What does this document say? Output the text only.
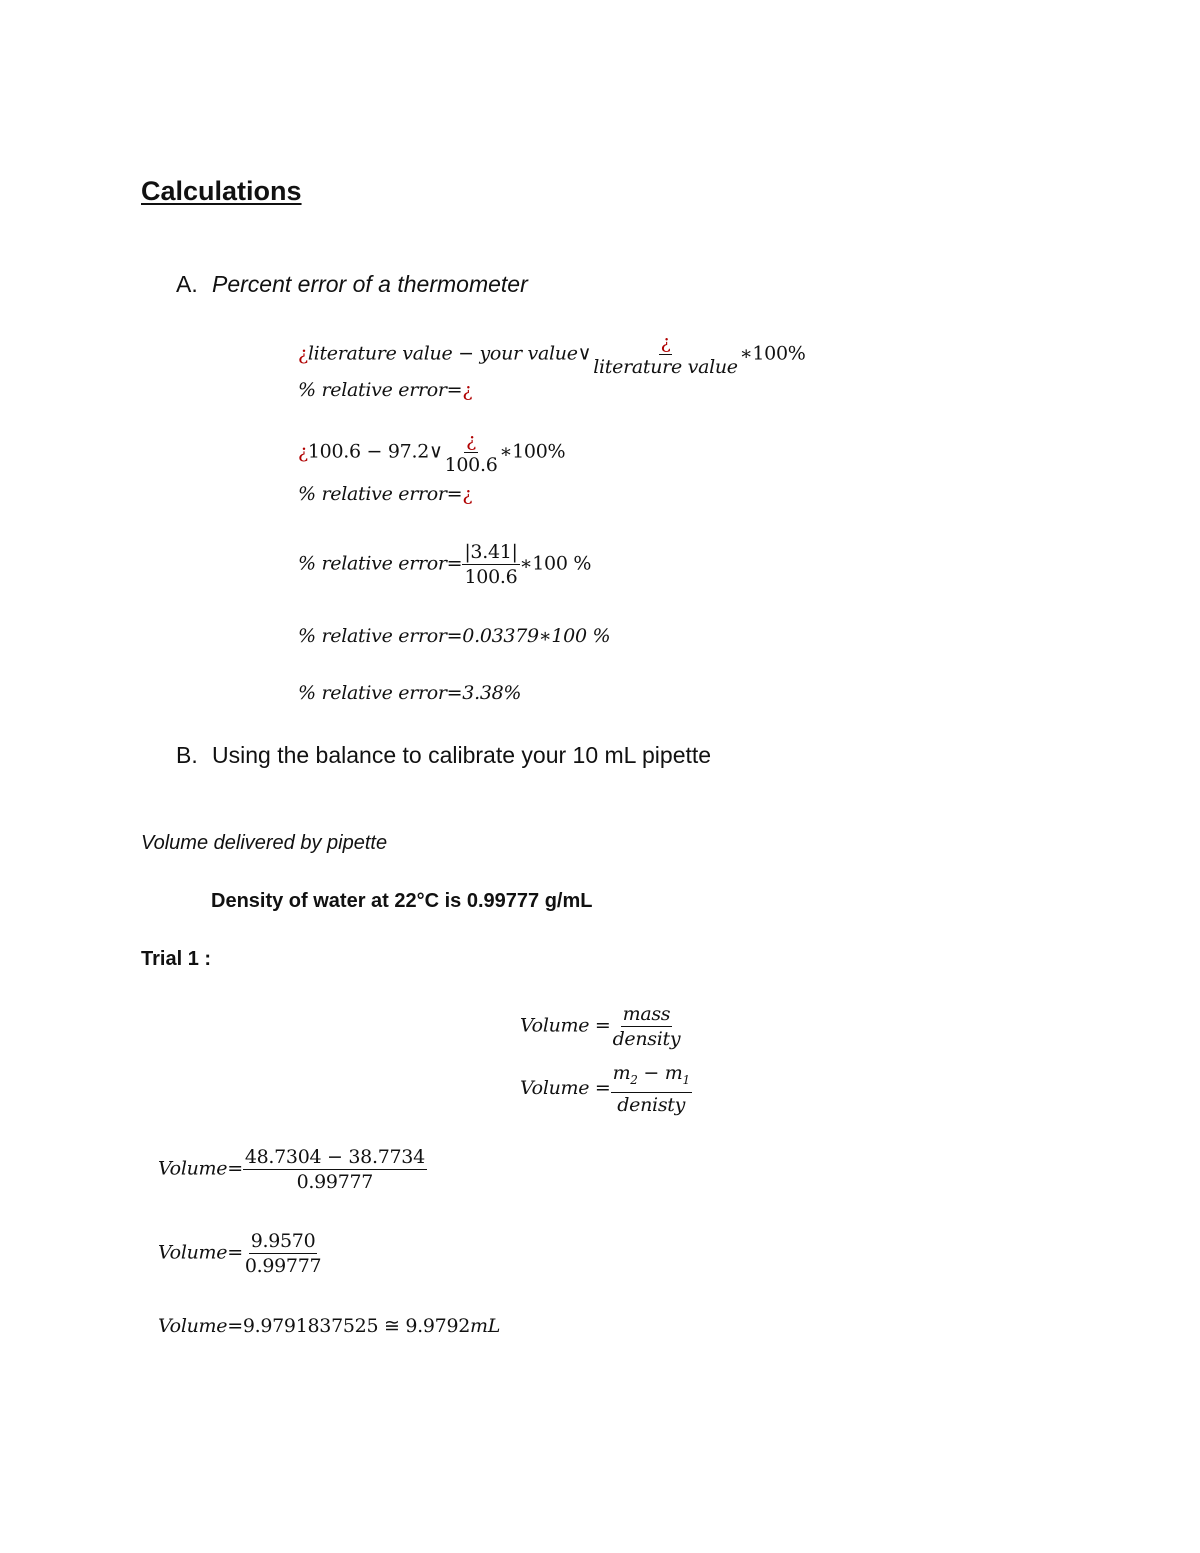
Calculations
A. Percent error of a thermometer
¿literature value − your value∨ $\frac{¿}{\text{literature value}}$ ∗100%
% relative error=¿
¿100.6 − 97.2∨ $\frac{¿}{100.6}$ ∗100%
% relative error=¿
% relative error= $\frac{|3.41|}{100.6}$ ∗100 %
% relative error=0.03379∗100 %
% relative error=3.38%
B. Using the balance to calibrate your 10 mL pipette
Volume delivered by pipette
Density of water at 22°C is 0.99777 g/mL
Trial 1 :
Volume = $\frac{\text{mass}}{\text{density}}$
Volume = $\frac{m_2 - m_1}{\text{denisty}}$
Volume= $\frac{48.7304 - 38.7734}{0.99777}$
Volume= $\frac{9.9570}{0.99777}$
Volume=9.9791837525 ≅ 9.9792mL
